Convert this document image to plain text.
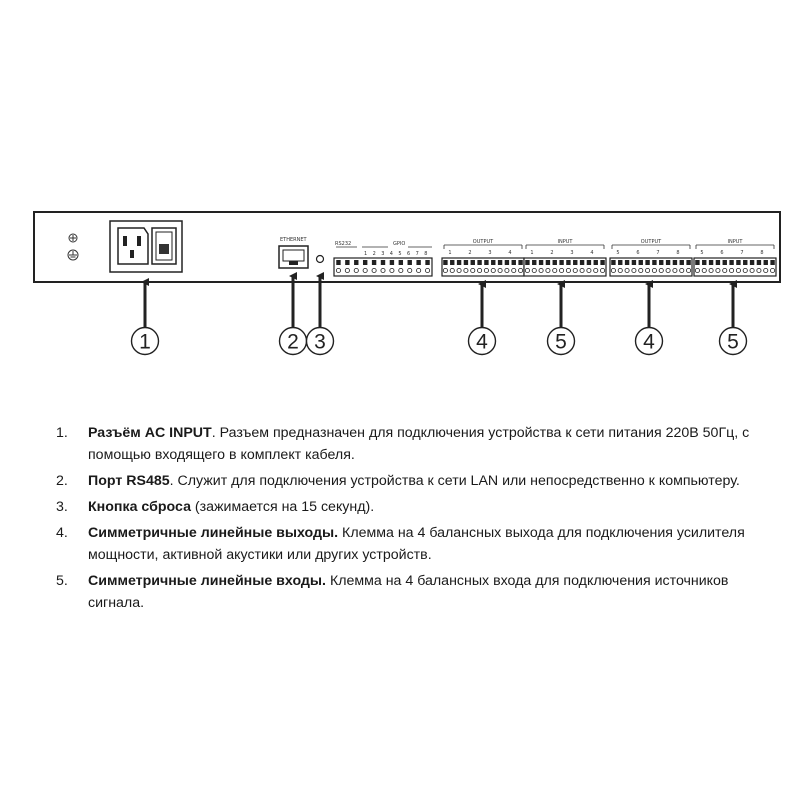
ETHERNET
RS232	GPIO
1 2 3 4 5 6 7 8
OUTPUT
1	2	3	4
INPUT
1	2	3	4
OUTPUT
5	6	7	8
INPUT
5	6	7	8
1	2 3	4	5	4	5
1. Разъём AC INPUT. Разъем предназначен для подключения устройства к сети питания 220В 50Гц, с помощью входящего в комплект кабеля.
2. Порт RS485. Служит для подключения устройства к сети LAN или непосредственно к компьютеру.
3. Кнопка сброса (зажимается на 15 секунд).
4. Симметричные линейные выходы. Клемма на 4 балансных выхода для подключения усилителя мощности, активной акустики или других устройств.
5. Симметричные линейные входы. Клемма на 4 балансных входа для подключения источников сигнала.
